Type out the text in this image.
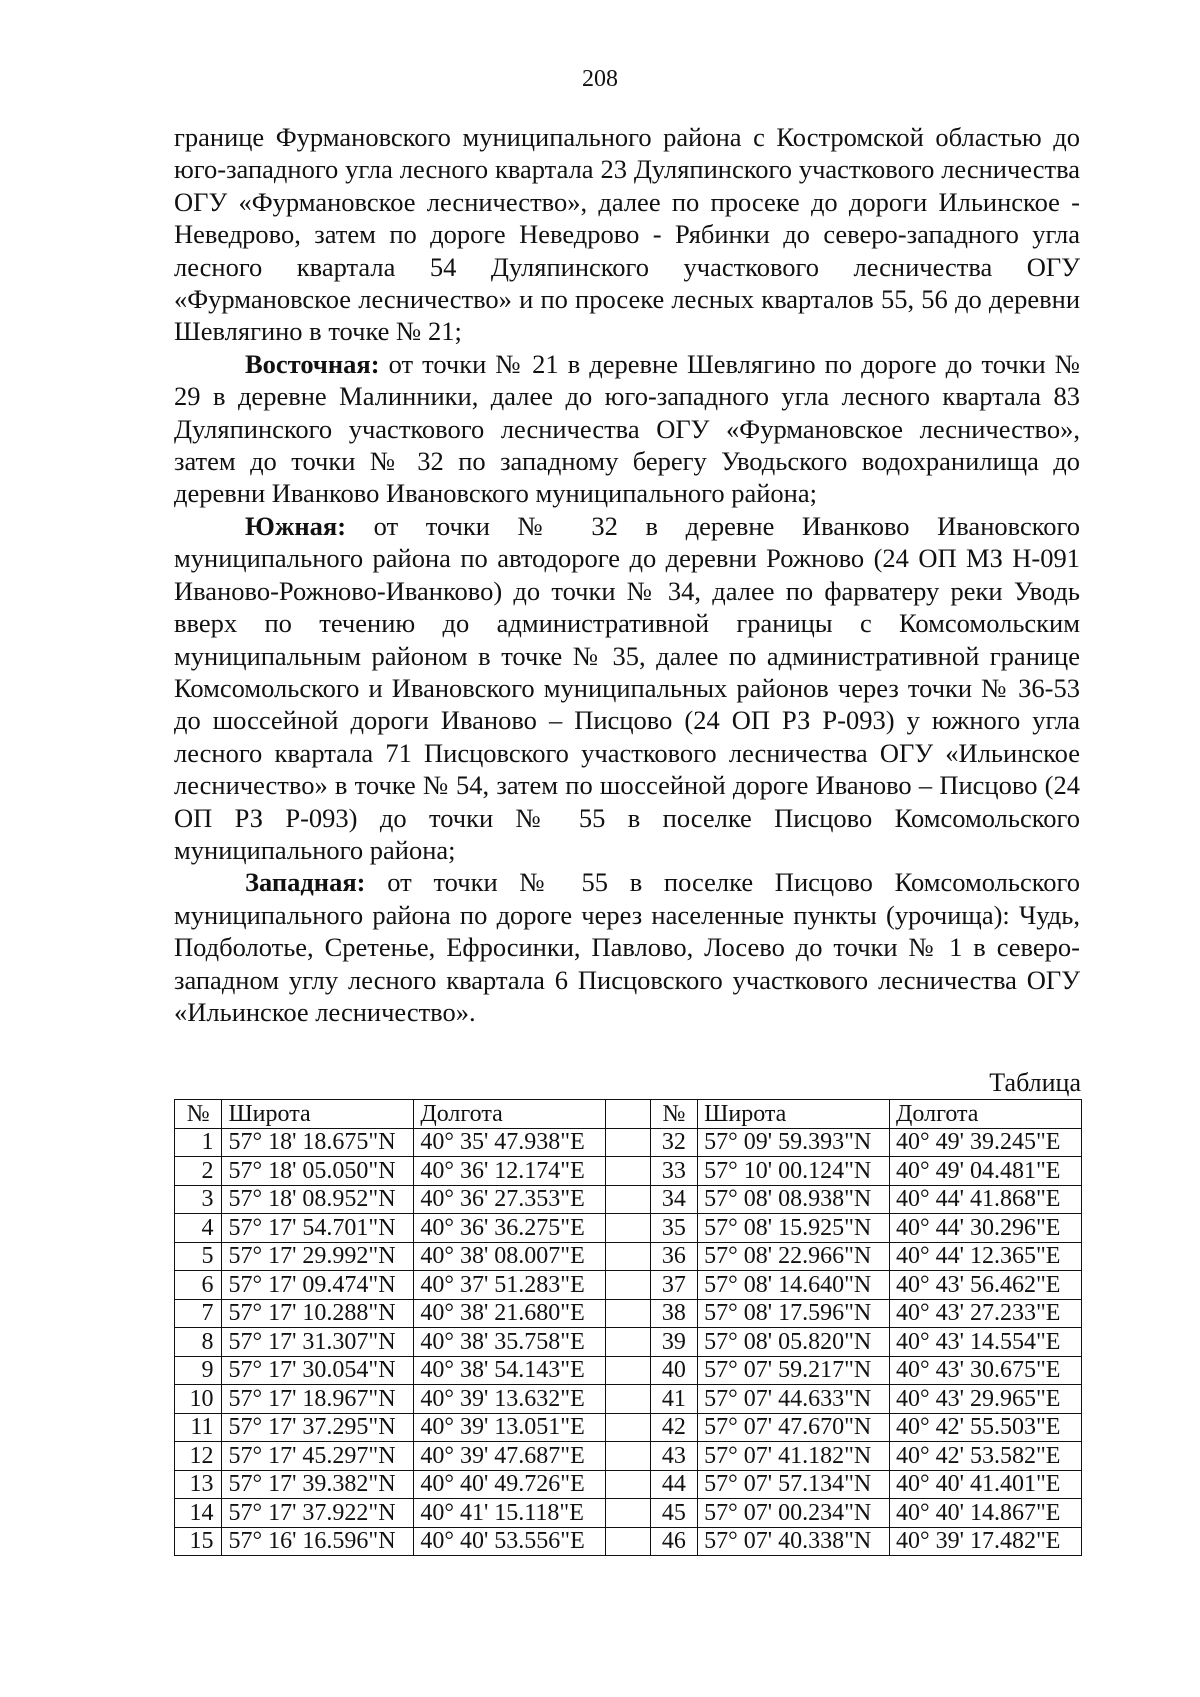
208

границе Фурмановского муниципального района с Костромской областью до юго-западного угла лесного квартала 23 Дуляпинского участкового лесничества ОГУ «Фурмановское лесничество», далее по просеке до дороги Ильинское - Неведрово, затем по дороге Неведрово - Рябинки до северо-западного угла лесного квартала 54 Дуляпинского участкового лесничества ОГУ «Фурмановское лесничество» и по просеке лесных кварталов 55, 56 до деревни Шевлягино в точке № 21;

Восточная: от точки № 21 в деревне Шевлягино по дороге до точки № 29 в деревне Малинники, далее до юго-западного угла лесного квартала 83 Дуляпинского участкового лесничества ОГУ «Фурмановское лесничество», затем до точки № 32 по западному берегу Уводьского водохранилища до деревни Иванково Ивановского муниципального района;

Южная: от точки № 32 в деревне Иванково Ивановского муниципального района по автодороге до деревни Рожново (24 ОП МЗ Н-091 Иваново-Рожново-Иванково) до точки № 34, далее по фарватеру реки Уводь вверх по течению до административной границы с Комсомольским муниципальным районом в точке № 35, далее по административной границе Комсомольского и Ивановского муниципальных районов через точки № 36-53 до шоссейной дороги Иваново – Писцово (24 ОП РЗ Р-093) у южного угла лесного квартала 71 Писцовского участкового лесничества ОГУ «Ильинское лесничество» в точке № 54, затем по шоссейной дороге Иваново – Писцово (24 ОП РЗ Р-093) до точки № 55 в поселке Писцово Комсомольского муниципального района;

Западная: от точки № 55 в поселке Писцово Комсомольского муниципального района по дороге через населенные пункты (урочища): Чудь, Подболотье, Сретенье, Ефросинки, Павлово, Лосево до точки № 1 в северо-западном углу лесного квартала 6 Писцовского участкового лесничества ОГУ «Ильинское лесничество».

Таблица
№	Широта	Долгота		№	Широта	Долгота
1	57° 18' 18.675"N	40° 35' 47.938"E		32	57° 09' 59.393"N	40° 49' 39.245"E
2	57° 18' 05.050"N	40° 36' 12.174"E		33	57° 10' 00.124"N	40° 49' 04.481"E
3	57° 18' 08.952"N	40° 36' 27.353"E		34	57° 08' 08.938"N	40° 44' 41.868"E
4	57° 17' 54.701"N	40° 36' 36.275"E		35	57° 08' 15.925"N	40° 44' 30.296"E
5	57° 17' 29.992"N	40° 38' 08.007"E		36	57° 08' 22.966"N	40° 44' 12.365"E
6	57° 17' 09.474"N	40° 37' 51.283"E		37	57° 08' 14.640"N	40° 43' 56.462"E
7	57° 17' 10.288"N	40° 38' 21.680"E		38	57° 08' 17.596"N	40° 43' 27.233"E
8	57° 17' 31.307"N	40° 38' 35.758"E		39	57° 08' 05.820"N	40° 43' 14.554"E
9	57° 17' 30.054"N	40° 38' 54.143"E		40	57° 07' 59.217"N	40° 43' 30.675"E
10	57° 17' 18.967"N	40° 39' 13.632"E		41	57° 07' 44.633"N	40° 43' 29.965"E
11	57° 17' 37.295"N	40° 39' 13.051"E		42	57° 07' 47.670"N	40° 42' 55.503"E
12	57° 17' 45.297"N	40° 39' 47.687"E		43	57° 07' 41.182"N	40° 42' 53.582"E
13	57° 17' 39.382"N	40° 40' 49.726"E		44	57° 07' 57.134"N	40° 40' 41.401"E
14	57° 17' 37.922"N	40° 41' 15.118"E		45	57° 07' 00.234"N	40° 40' 14.867"E
15	57° 16' 16.596"N	40° 40' 53.556"E		46	57° 07' 40.338"N	40° 39' 17.482"E
